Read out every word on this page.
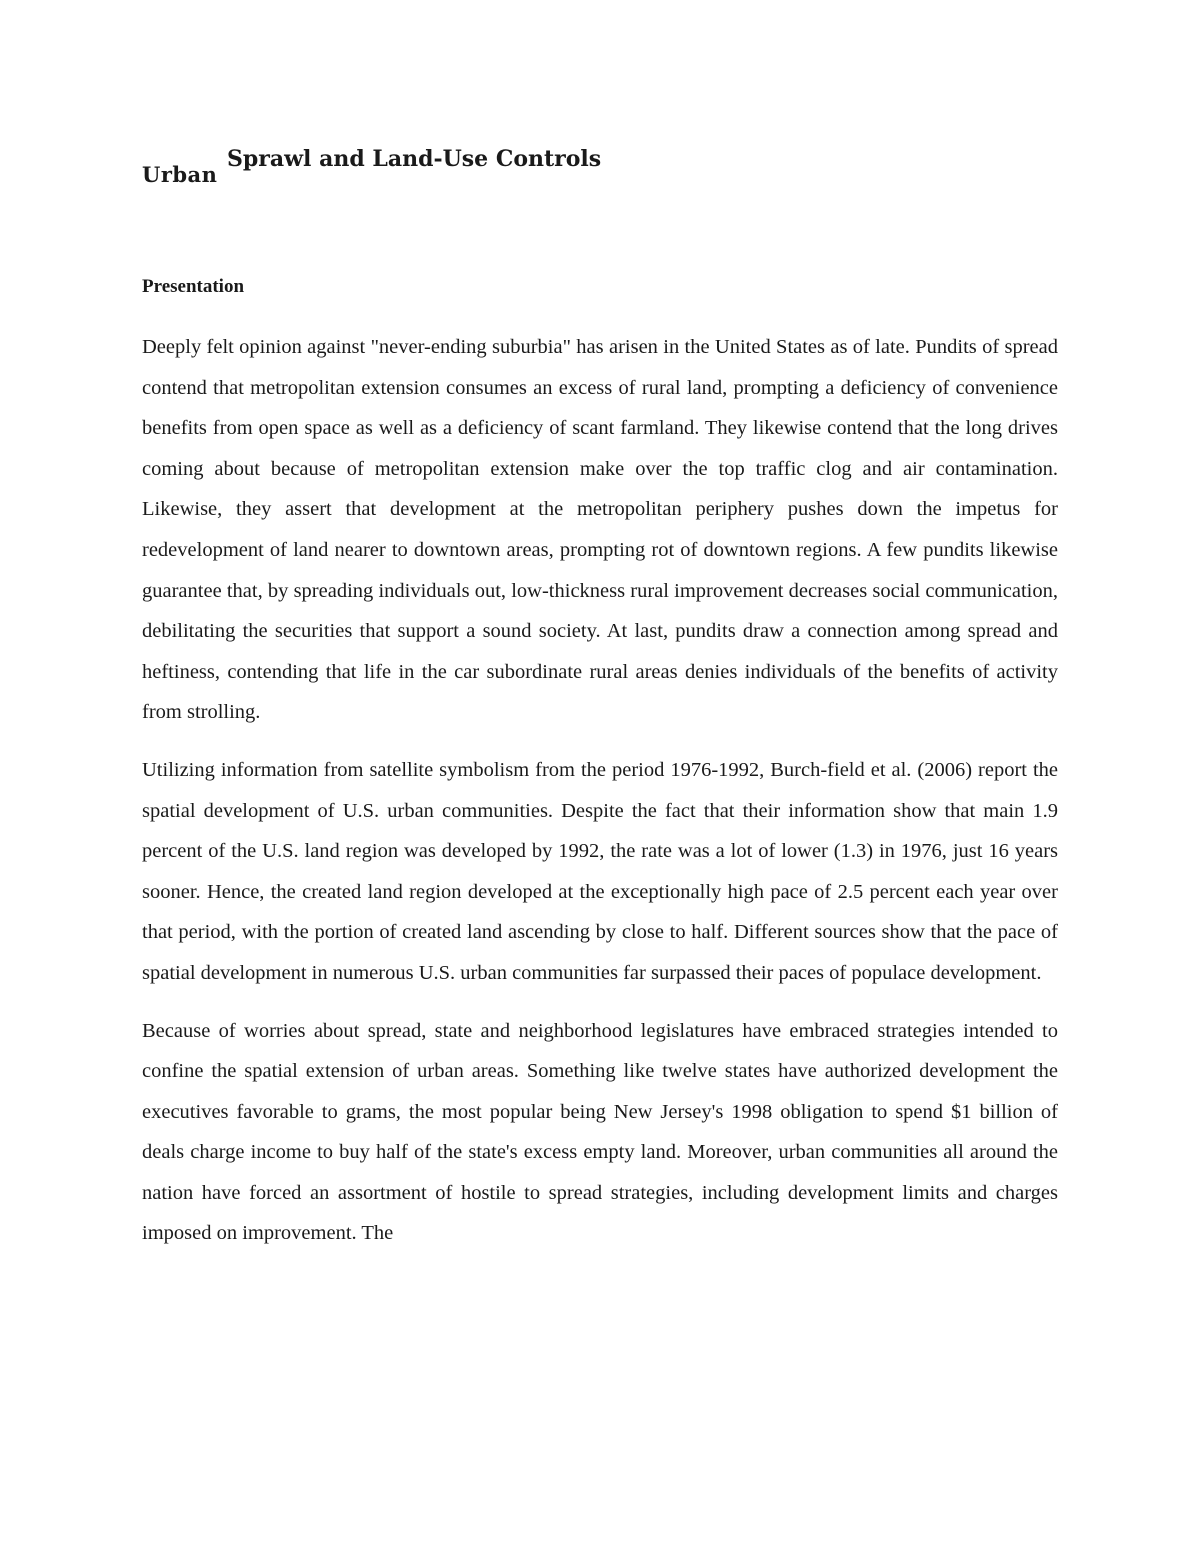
Urban
Sprawl and Land-Use Controls
Presentation

Deeply felt opinion against "never-ending suburbia" has arisen in the United States as of late. Pundits of spread contend that metropolitan extension consumes an excess of rural land, prompting a deficiency of convenience benefits from open space as well as a deficiency of scant farmland. They likewise contend that the long drives coming about because of metropolitan extension make over the top traffic clog and air contamination. Likewise, they assert that development at the metropolitan periphery pushes down the impetus for redevelopment of land nearer to downtown areas, prompting rot of downtown regions. A few pundits likewise guarantee that, by spreading individuals out, low-thickness rural improvement decreases social communication, debilitating the securities that support a sound society. At last, pundits draw a connection among spread and heftiness, contending that life in the car subordinate rural areas denies individuals of the benefits of activity from strolling.

Utilizing information from satellite symbolism from the period 1976-1992, Burch-field et al. (2006) report the spatial development of U.S. urban communities. Despite the fact that their information show that main 1.9 percent of the U.S. land region was developed by 1992, the rate was a lot of lower (1.3) in 1976, just 16 years sooner. Hence, the created land region developed at the exceptionally high pace of 2.5 percent each year over that period, with the portion of created land ascending by close to half. Different sources show that the pace of spatial development in numerous U.S. urban communities far surpassed their paces of populace development.

Because of worries about spread, state and neighborhood legislatures have embraced strategies intended to confine the spatial extension of urban areas. Something like twelve states have authorized development the executives favorable to grams, the most popular being New Jersey's 1998 obligation to spend $1 billion of deals charge income to buy half of the state's excess empty land. Moreover, urban communities all around the nation have forced an assortment of hostile to spread strategies, including development limits and charges imposed on improvement. The
